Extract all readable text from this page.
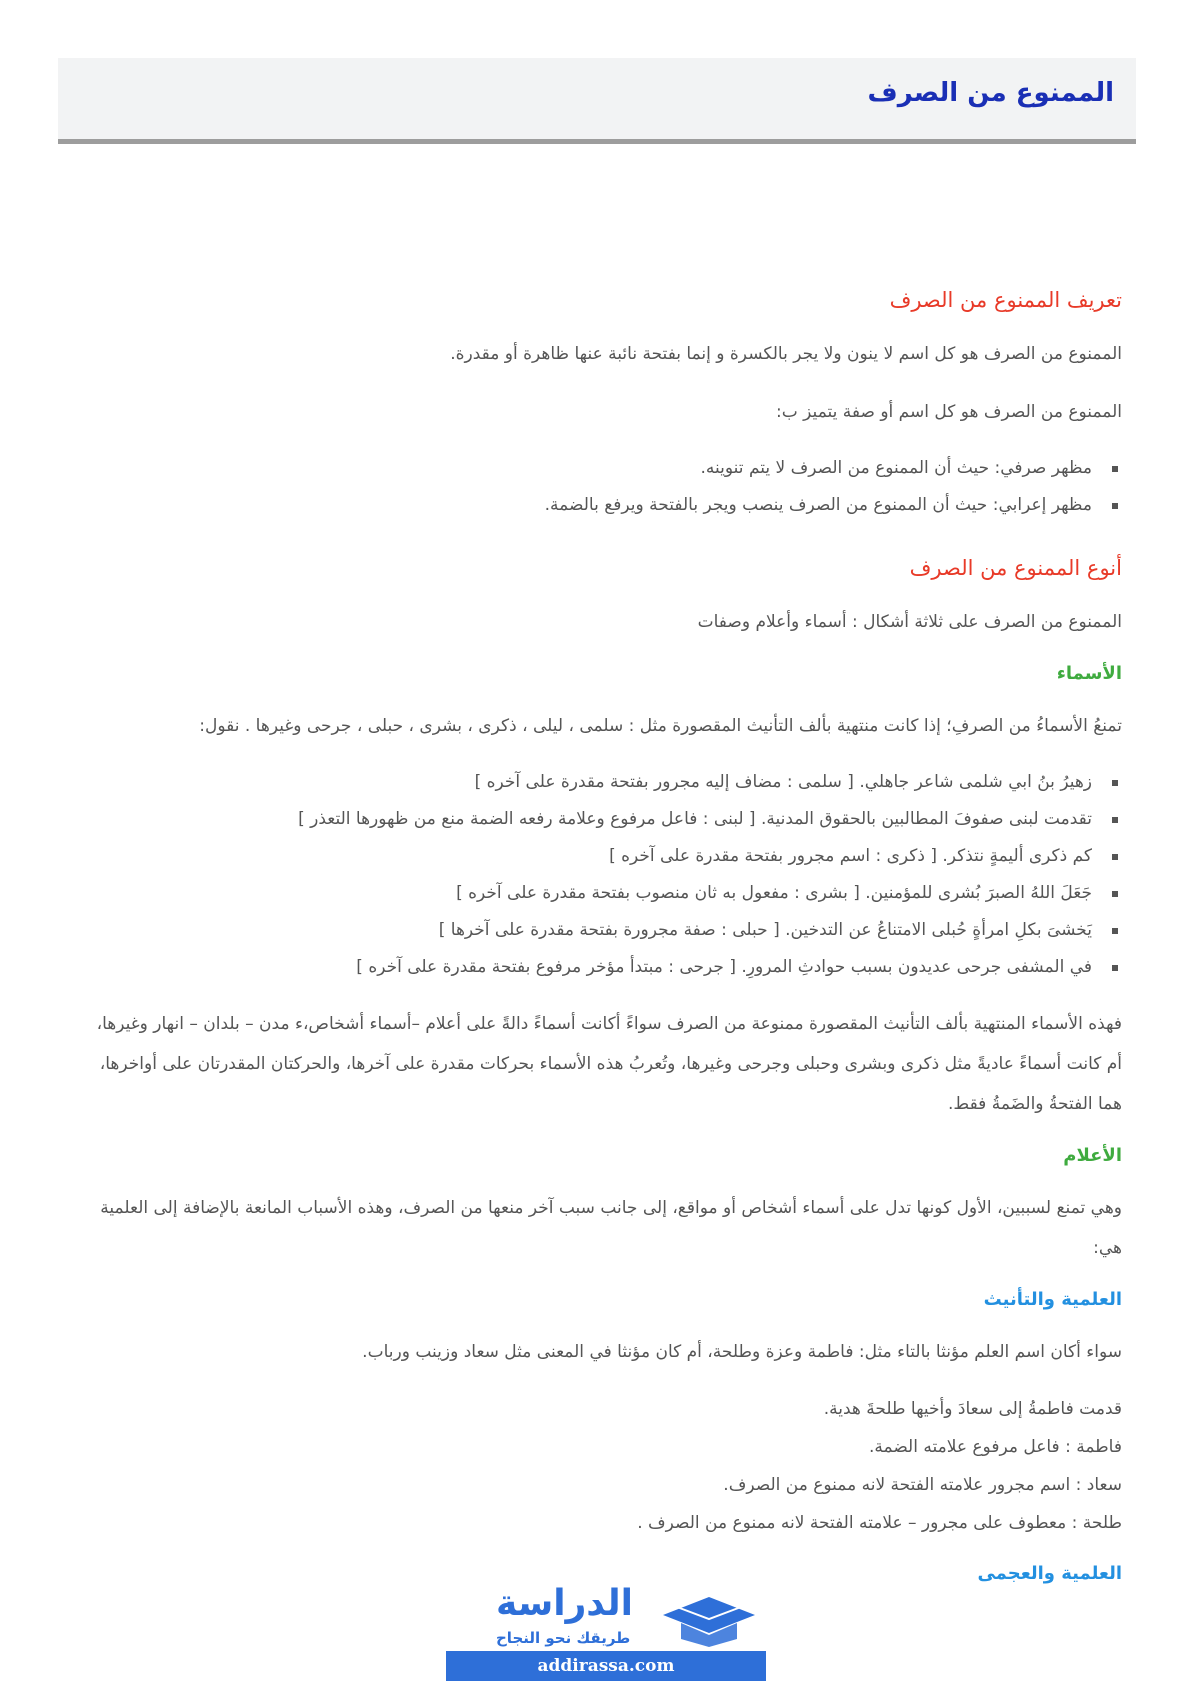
الممنوع من الصرف
تعريف الممنوع من الصرف

الممنوع من الصرف هو كل اسم لا ينون ولا يجر بالكسرة و إنما بفتحة نائبة عنها ظاهرة أو مقدرة.

الممنوع من الصرف هو كل اسم أو صفة يتميز ب:

مظهر صرفي: حيث أن الممنوع من الصرف لا يتم تنوينه.
مظهر إعرابي: حيث أن الممنوع من الصرف ينصب ويجر بالفتحة ويرفع بالضمة.
أنوع الممنوع من الصرف

الممنوع من الصرف على ثلاثة أشكال : أسماء وأعلام وصفات

الأسماء

تمنعُ الأسماءُ من الصرفِ؛ إذا كانت منتهية بألف التأنيث المقصورة مثل : سلمى ، ليلى ، ذكرى ، بشرى ، حبلى ، جرحى وغيرها . نقول:

زهيرُ بنُ ابي شلمى شاعر جاهلي. [ سلمى : مضاف إليه مجرور بفتحة مقدرة على آخره ]
تقدمت لبنى صفوفَ المطالبين بالحقوق المدنية. [ لبنى : فاعل مرفوع وعلامة رفعه الضمة منع من ظهورها التعذر ]
كم ذكرى أليمةٍ نتذكر. [ ذكرى : اسم مجرور بفتحة مقدرة على آخره ]
جَعَلَ اللهُ الصبرَ بُشرى للمؤمنين. [ بشرى : مفعول به ثان منصوب بفتحة مقدرة على آخره ]
يَخشىَ بكلِ امرأةٍ حُبلى الامتناعُ عن التدخين. [ حبلى : صفة مجرورة بفتحة مقدرة على آخرها ]
في المشفى جرحى عديدون بسبب حوادثِ المرورِ. [ جرحى : مبتدأ مؤخر مرفوع بفتحة مقدرة على آخره ]

فهذه الأسماء المنتهية بألف التأنيث المقصورة ممنوعة من الصرف سواءً أكانت أسماءً دالةً على أعلام –أسماء أشخاص،ء مدن – بلدان – انهار وغيرها، أم كانت أسماءً عاديةً مثل ذكرى وبشرى وحبلى وجرحى وغيرها، وتُعربُ هذه الأسماء بحركات مقدرة على آخرها، والحركتان المقدرتان على أواخرها، هما الفتحةُ والضَمةُ فقط.

الأعلام

وهي تمنع لسببين، الأول كونها تدل على أسماء أشخاص أو مواقع، إلى جانب سبب آخر منعها من الصرف، وهذه الأسباب المانعة بالإضافة إلى العلمية هي:

العلمية والتأنيث

سواء أكان اسم العلم مؤنثا بالتاء مثل: فاطمة وعزة وطلحة، أم كان مؤنثا في المعنى مثل سعاد وزينب ورباب.

قدمت فاطمةُ إلى سعادَ وأخيها طلحةَ هدية.
فاطمة : فاعل مرفوع علامته الضمة.
سعاد : اسم مجرور علامته الفتحة لانه ممنوع من الصرف.
طلحة : معطوف على مجرور – علامته الفتحة لانه ممنوع من الصرف .
العلمية والعجمى
الدراسة
طريقك نحو النجاح
addirassa.com
